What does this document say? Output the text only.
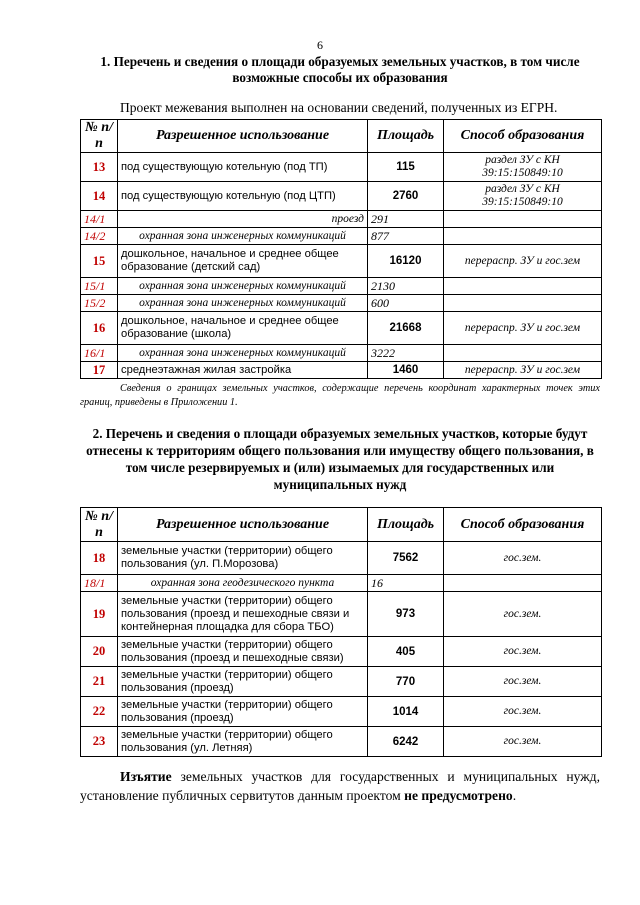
6
1. Перечень и сведения о площади образуемых земельных участков, в том числе возможные способы их образования
Проект межевания выполнен на основании сведений, полученных из ЕГРН.
№ п/п	Разрешенное использование	Площадь	Способ образования
13	под существующую котельную (под ТП)	115	раздел ЗУ с КН 39:15:150849:10
14	под существующую котельную (под ЦТП)	2760	раздел ЗУ с КН 39:15:150849:10
14/1	проезд	291	
14/2	охранная зона инженерных коммуникаций	877	
15	дошкольное, начальное и среднее общее образование (детский сад)	16120	перераспр. ЗУ и гос.зем
15/1	охранная зона инженерных коммуникаций	2130	
15/2	охранная зона инженерных коммуникаций	600	
16	дошкольное, начальное и среднее общее образование (школа)	21668	перераспр. ЗУ и гос.зем
16/1	охранная зона инженерных коммуникаций	3222	
17	среднеэтажная жилая застройка	1460	перераспр. ЗУ и гос.зем
Сведения о границах земельных участков, содержащие перечень координат характерных точек этих границ, приведены в Приложении 1.
2. Перечень и сведения о площади образуемых земельных участков, которые будут отнесены к территориям общего пользования или имуществу общего пользования, в том числе резервируемых и (или) изымаемых для государственных или муниципальных нужд
№ п/п	Разрешенное использование	Площадь	Способ образования
18	земельные участки (территории) общего пользования (ул. П.Морозова)	7562	гос.зем.
18/1	охранная зона геодезического пункта	16	
19	земельные участки (территории) общего пользования (проезд и пешеходные связи и контейнерная площадка для сбора ТБО)	973	гос.зем.
20	земельные участки (территории) общего пользования (проезд и пешеходные связи)	405	гос.зем.
21	земельные участки (территории) общего пользования (проезд)	770	гос.зем.
22	земельные участки (территории) общего пользования (проезд)	1014	гос.зем.
23	земельные участки (территории) общего пользования (ул. Летняя)	6242	гос.зем.
Изъятие земельных участков для государственных и муниципальных нужд, установление публичных сервитутов данным проектом не предусмотрено.
